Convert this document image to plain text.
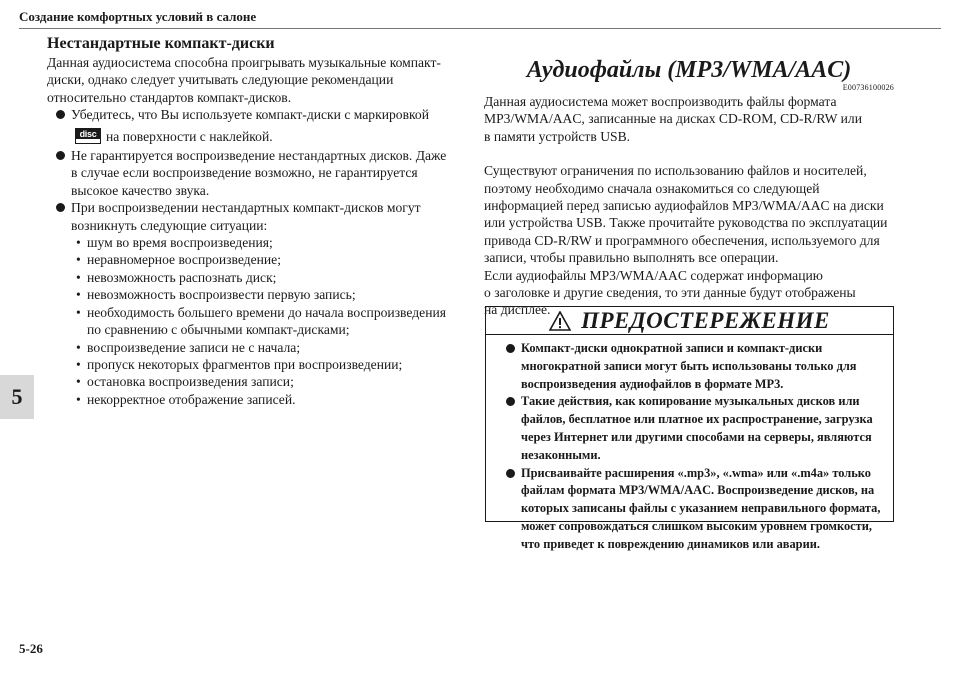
Создание комфортных условий в салоне
5
Нестандартные компакт-диски
Данная аудиосистема способна проигрывать музыкальные компакт-
диски, однако следует учитывать следующие рекомендации
относительно стандартов компакт-дисков.
Убедитесь, что Вы используете компакт-диски с маркировкой
disc на поверхности с наклейкой.
Не гарантируется воспроизведение нестандартных дисков. Даже
в случае если воспроизведение возможно, не гарантируется
высокое качество звука.
При воспроизведении нестандартных компакт-дисков могут
возникнуть следующие ситуации:
• шум во время воспроизведения;
• неравномерное воспроизведение;
• невозможность распознать диск;
• невозможность воспроизвести первую запись;
• необходимость большего времени до начала воспроизведения
по сравнению с обычными компакт-дисками;
• воспроизведение записи не с начала;
• пропуск некоторых фрагментов при воспроизведении;
• остановка воспроизведения записи;
• некорректное отображение записей.
Аудиофайлы (MP3/WMA/AAC)
E00736100026
Данная аудиосистема может воспроизводить файлы формата
MP3/WMA/AAC, записанные на дисках CD-ROM, CD-R/RW или
в памяти устройств USB.
Существуют ограничения по использованию файлов и носителей,
поэтому необходимо сначала ознакомиться со следующей
информацией перед записью аудиофайлов MP3/WMA/AAC на диски
или устройства USB. Также прочитайте руководства по эксплуатации
привода CD-R/RW и программного обеспечения, используемого для
записи, чтобы правильно выполнять все операции.
Если аудиофайлы MP3/WMA/AAC содержат информацию
о заголовке и другие сведения, то эти данные будут отображены
на дисплее.	ПРЕДОСТЕРЕЖЕНИЕ
Компакт-диски однократной записи и компакт-диски
многократной записи могут быть использованы только для
воспроизведения аудиофайлов в формате MP3.
Такие действия, как копирование музыкальных дисков или
файлов, бесплатное или платное их распространение, загрузка
через Интернет или другими способами на серверы, являются
незаконными.
Присваивайте расширения «.mp3», «.wma» или «.m4a» только
файлам формата MP3/WMA/AAC. Воспроизведение дисков, на
которых записаны файлы с указанием неправильного формата,
может сопровождаться слишком высоким уровнем громкости,
что приведет к повреждению динамиков или аварии.
5-26
